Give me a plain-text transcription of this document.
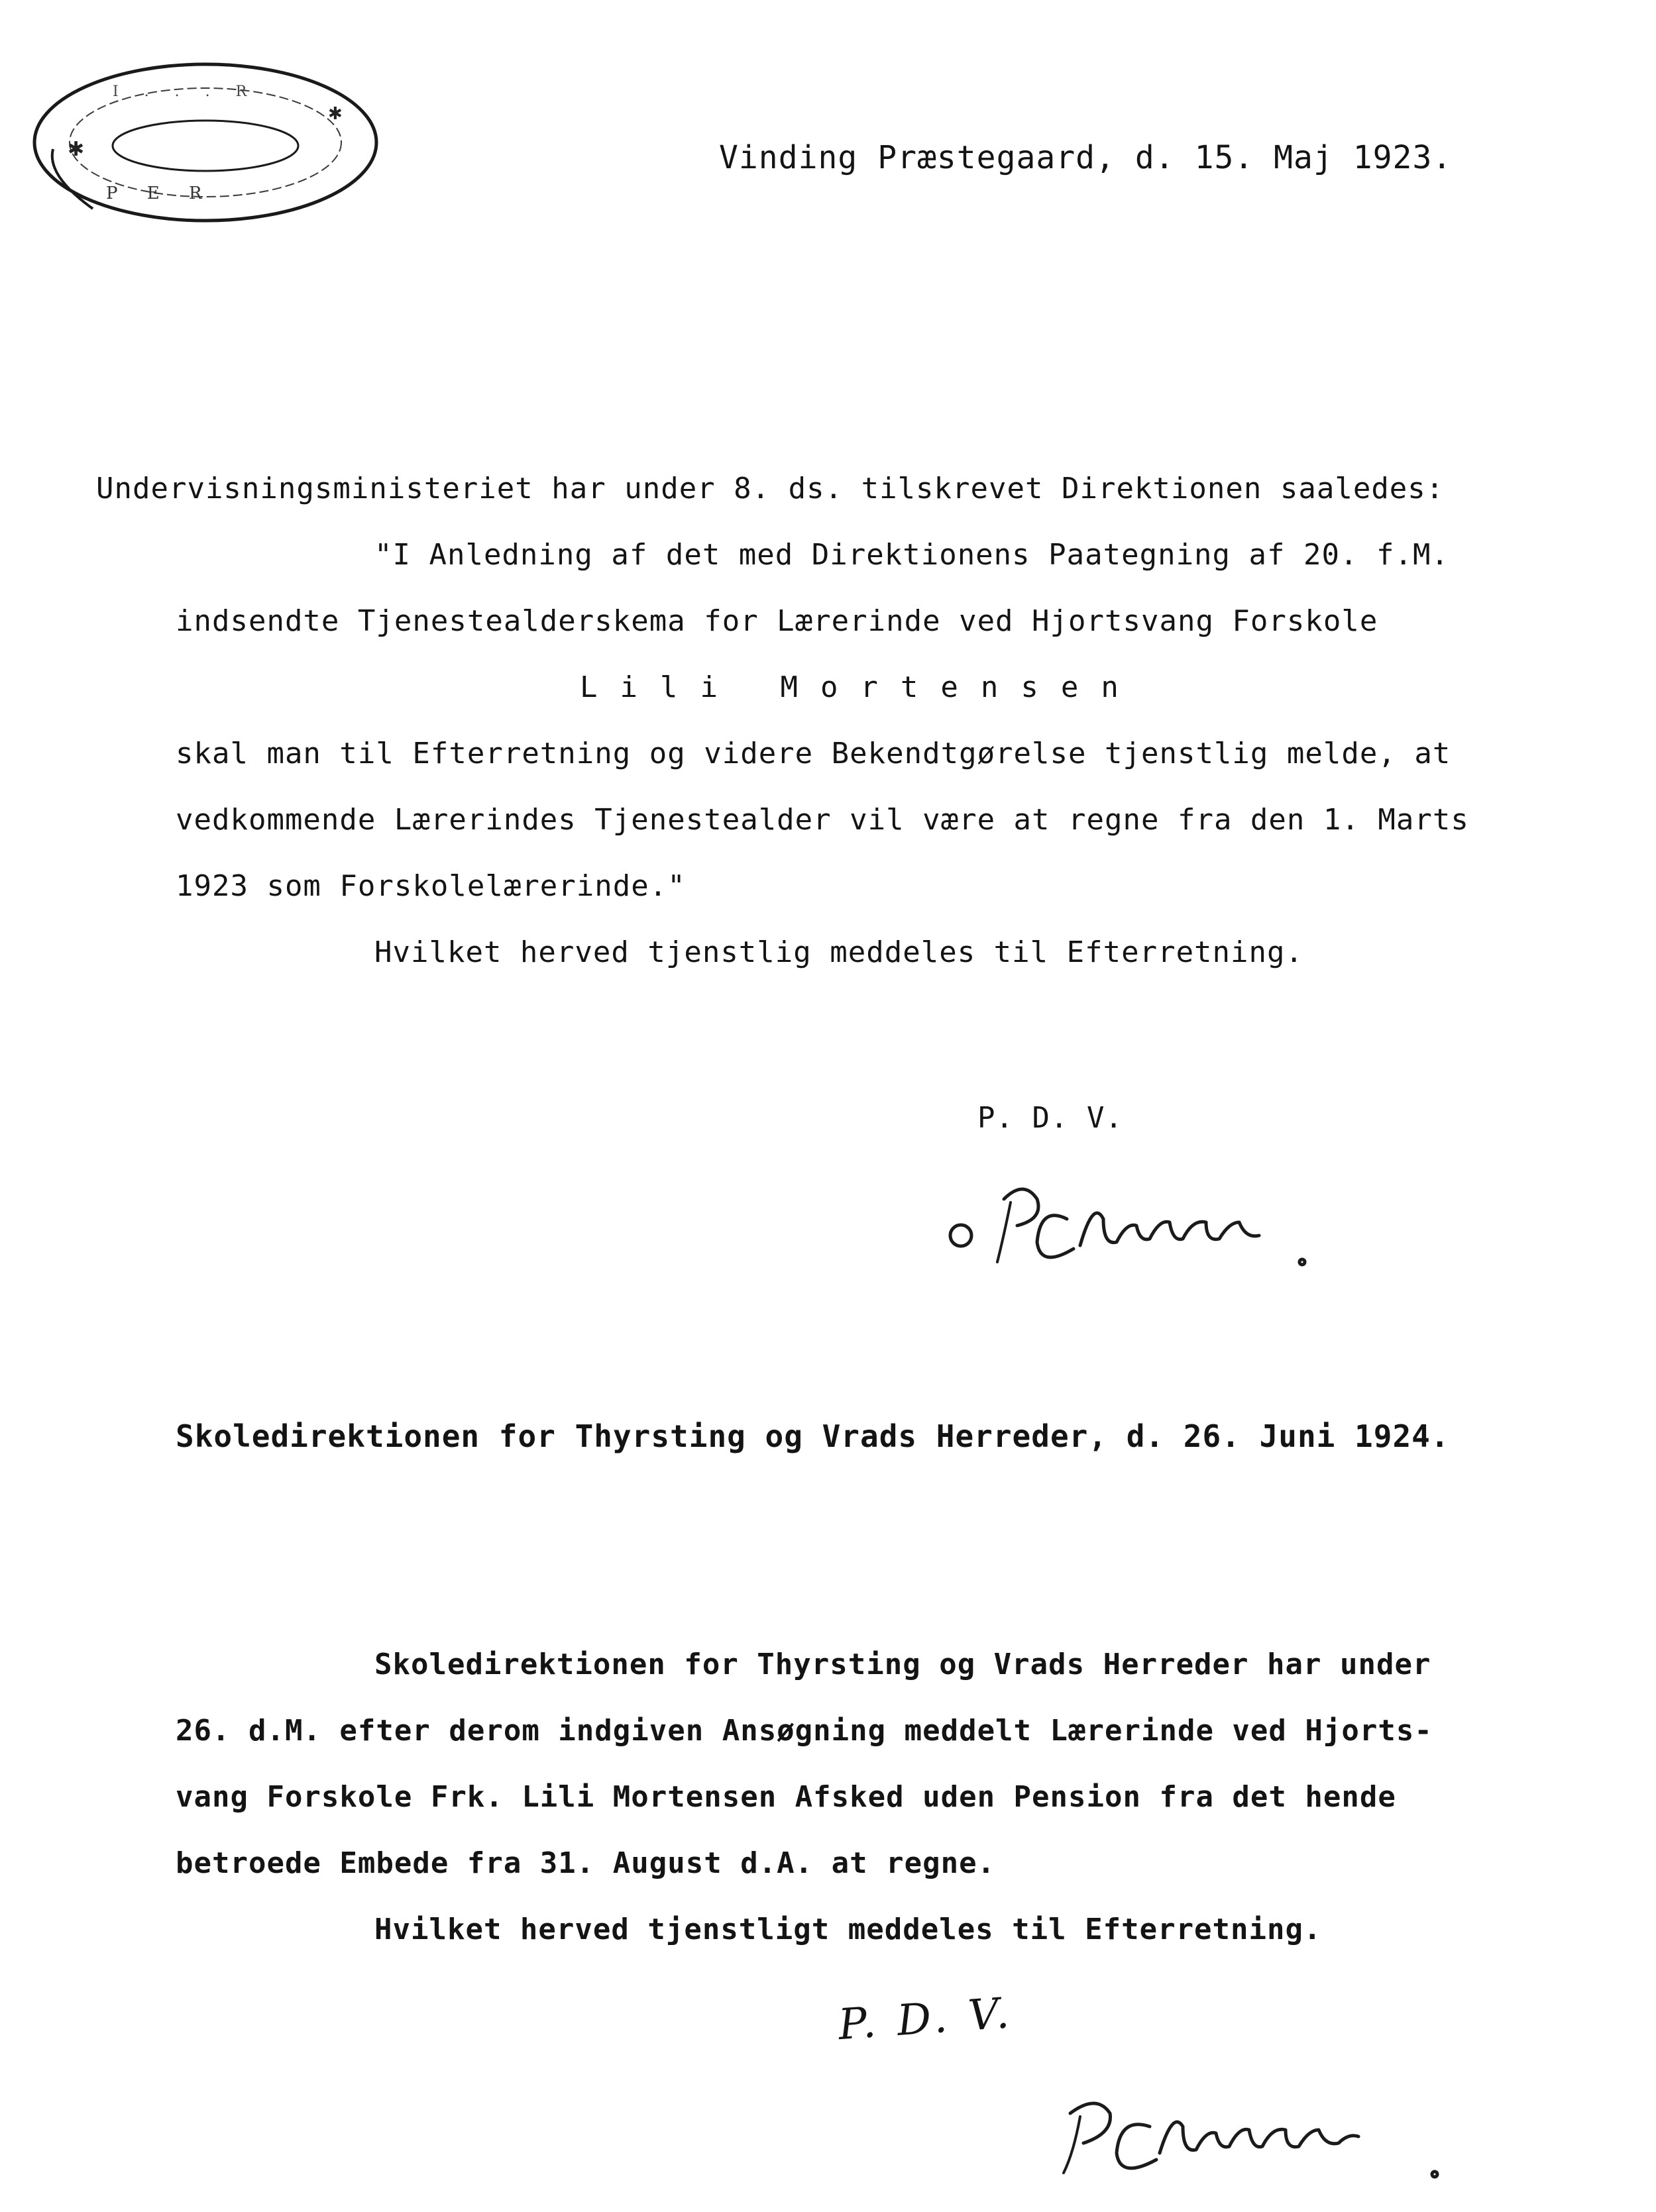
✱
✱
P E R
I . . . R
Vinding Præstegaard, d. 15. Maj 1923.
Undervisningsministeriet har under 8. ds. tilskrevet Direktionen saaledes:
"I Anledning af det med Direktionens Paategning af 20. f.M.
indsendte Tjenestealderskema for Lærerinde ved Hjortsvang Forskole
Lili Mortensen
skal man til Efterretning og videre Bekendtgørelse tjenstlig melde, at
vedkommende Lærerindes Tjenestealder vil være at regne fra den 1. Marts
1923 som Forskolelærerinde."
Hvilket herved tjenstlig meddeles til Efterretning.
P. D. V.
Skoledirektionen for Thyrsting og Vrads Herreder, d. 26. Juni 1924.
Skoledirektionen for Thyrsting og Vrads Herreder har under
26. d.M. efter derom indgiven Ansøgning meddelt Lærerinde ved Hjorts-
vang Forskole Frk. Lili Mortensen Afsked uden Pension fra det hende
betroede Embede fra 31. August d.A. at regne.
Hvilket herved tjenstligt meddeles til Efterretning.
P. D. V.
